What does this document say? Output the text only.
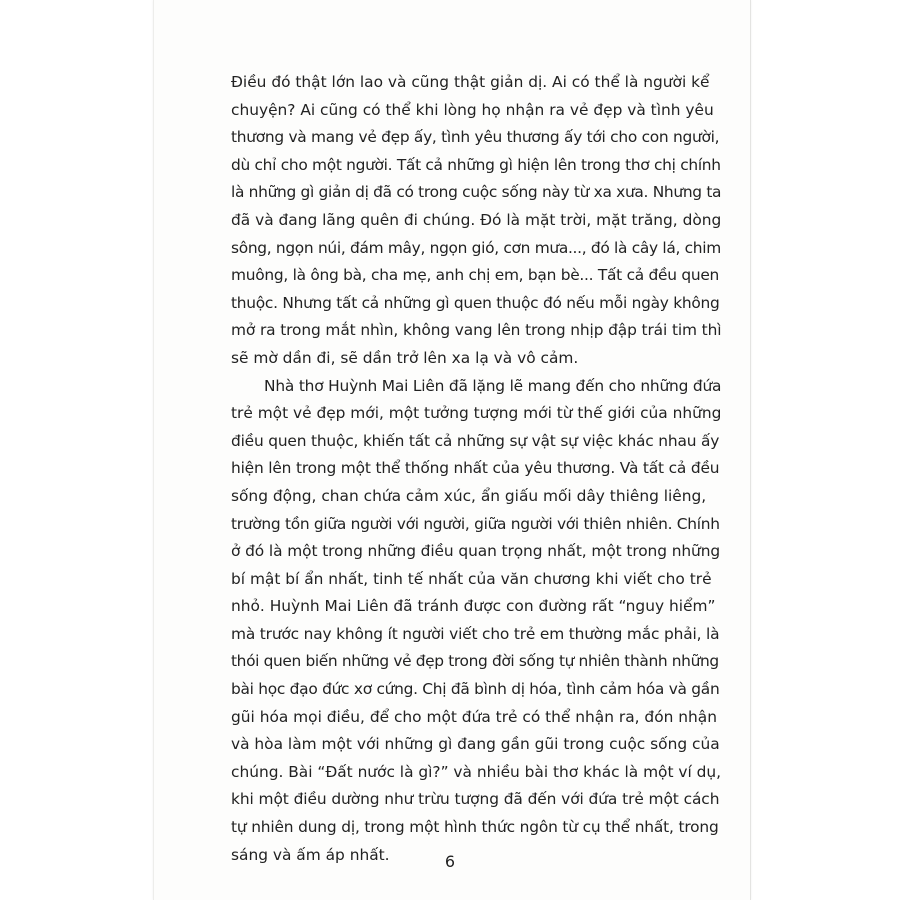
Điều đó thật lớn lao và cũng thật giản dị. Ai có thể là người kể
chuyện? Ai cũng có thể khi lòng họ nhận ra vẻ đẹp và tình yêu
thương và mang vẻ đẹp ấy, tình yêu thương ấy tới cho con người,
dù chỉ cho một người. Tất cả những gì hiện lên trong thơ chị chính
là những gì giản dị đã có trong cuộc sống này từ xa xưa. Nhưng ta
đã và đang lãng quên đi chúng. Đó là mặt trời, mặt trăng, dòng
sông, ngọn núi, đám mây, ngọn gió, cơn mưa..., đó là cây lá, chim
muông, là ông bà, cha mẹ, anh chị em, bạn bè... Tất cả đều quen
thuộc. Nhưng tất cả những gì quen thuộc đó nếu mỗi ngày không
mở ra trong mắt nhìn, không vang lên trong nhịp đập trái tim thì
sẽ mờ dần đi, sẽ dần trở lên xa lạ và vô cảm.

Nhà thơ Huỳnh Mai Liên đã lặng lẽ mang đến cho những đứa
trẻ một vẻ đẹp mới, một tưởng tượng mới từ thế giới của những
điều quen thuộc, khiến tất cả những sự vật sự việc khác nhau ấy
hiện lên trong một thể thống nhất của yêu thương. Và tất cả đều
sống động, chan chứa cảm xúc, ẩn giấu mối dây thiêng liêng,
trường tồn giữa người với người, giữa người với thiên nhiên. Chính
ở đó là một trong những điều quan trọng nhất, một trong những
bí mật bí ẩn nhất, tinh tế nhất của văn chương khi viết cho trẻ
nhỏ. Huỳnh Mai Liên đã tránh được con đường rất “nguy hiểm”
mà trước nay không ít người viết cho trẻ em thường mắc phải, là
thói quen biến những vẻ đẹp trong đời sống tự nhiên thành những
bài học đạo đức xơ cứng. Chị đã bình dị hóa, tình cảm hóa và gần
gũi hóa mọi điều, để cho một đứa trẻ có thể nhận ra, đón nhận
và hòa làm một với những gì đang gần gũi trong cuộc sống của
chúng. Bài “Đất nước là gì?” và nhiều bài thơ khác là một ví dụ,
khi một điều dường như trừu tượng đã đến với đứa trẻ một cách
tự nhiên dung dị, trong một hình thức ngôn từ cụ thể nhất, trong
sáng và ấm áp nhất.	6
